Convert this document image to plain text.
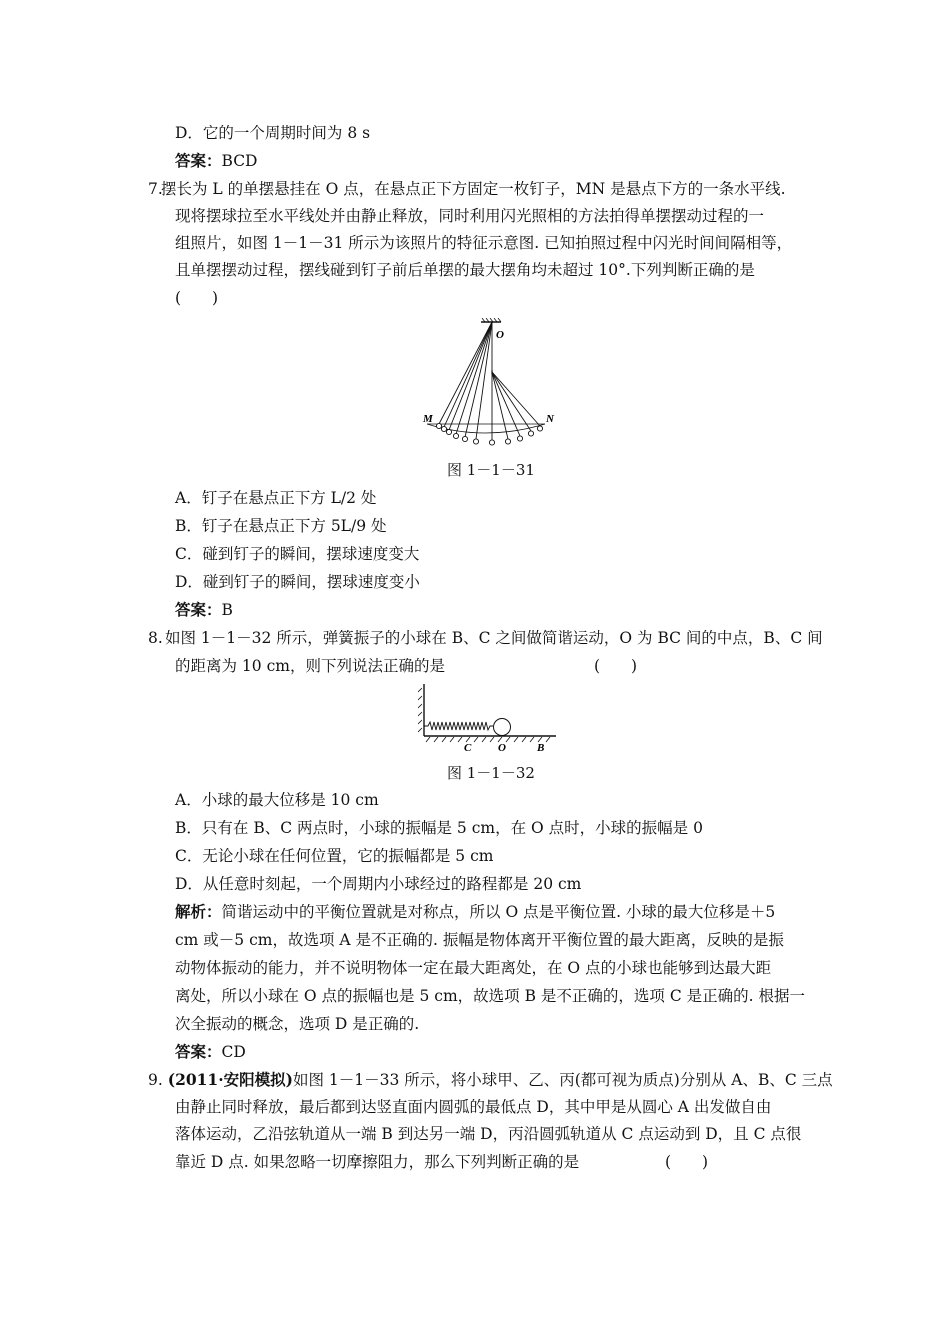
D．它的一个周期时间为 8 s
答案：BCD
7.
摆长为 L 的单摆悬挂在 O 点，在悬点正下方固定一枚钉子，MN 是悬点下方的一条水平线.
现将摆球拉至水平线处并由静止释放，同时利用闪光照相的方法拍得单摆摆动过程的一
组照片，如图 1－1－31 所示为该照片的特征示意图. 已知拍照过程中闪光时间间隔相等，
且单摆摆动过程，摆线碰到钉子前后单摆的最大摆角均未超过 10°.下列判断正确的是
(　　)
O
M	N
图 1－1－31
A．钉子在悬点正下方 L/2 处
B．钉子在悬点正下方 5L/9 处
C．碰到钉子的瞬间，摆球速度变大
D．碰到钉子的瞬间，摆球速度变小
答案：B
8. 如图 1－1－32 所示，弹簧振子的小球在 B、C 之间做简谐运动，O 为 BC 间的中点，B、C 间
的距离为 10 cm，则下列说法正确的是	(　　)
C O	B
图 1－1－32
A．小球的最大位移是 10 cm
B．只有在 B、C 两点时，小球的振幅是 5 cm，在 O 点时，小球的振幅是 0
C．无论小球在任何位置，它的振幅都是 5 cm
D．从任意时刻起，一个周期内小球经过的路程都是 20 cm
解析：简谐运动中的平衡位置就是对称点，所以 O 点是平衡位置. 小球的最大位移是＋5
cm 或－5 cm，故选项 A 是不正确的. 振幅是物体离开平衡位置的最大距离，反映的是振
动物体振动的能力，并不说明物体一定在最大距离处，在 O 点的小球也能够到达最大距
离处，所以小球在 O 点的振幅也是 5 cm，故选项 B 是不正确的，选项 C 是正确的. 根据一
次全振动的概念，选项 D 是正确的.
答案：CD
9. (2011·安阳模拟)如图 1－1－33 所示，将小球甲、乙、丙(都可视为质点)分别从 A、B、C 三点
由静止同时释放，最后都到达竖直面内圆弧的最低点 D，其中甲是从圆心 A 出发做自由
落体运动，乙沿弦轨道从一端 B 到达另一端 D，丙沿圆弧轨道从 C 点运动到 D，且 C 点很
靠近 D 点. 如果忽略一切摩擦阻力，那么下列判断正确的是	(　　)
